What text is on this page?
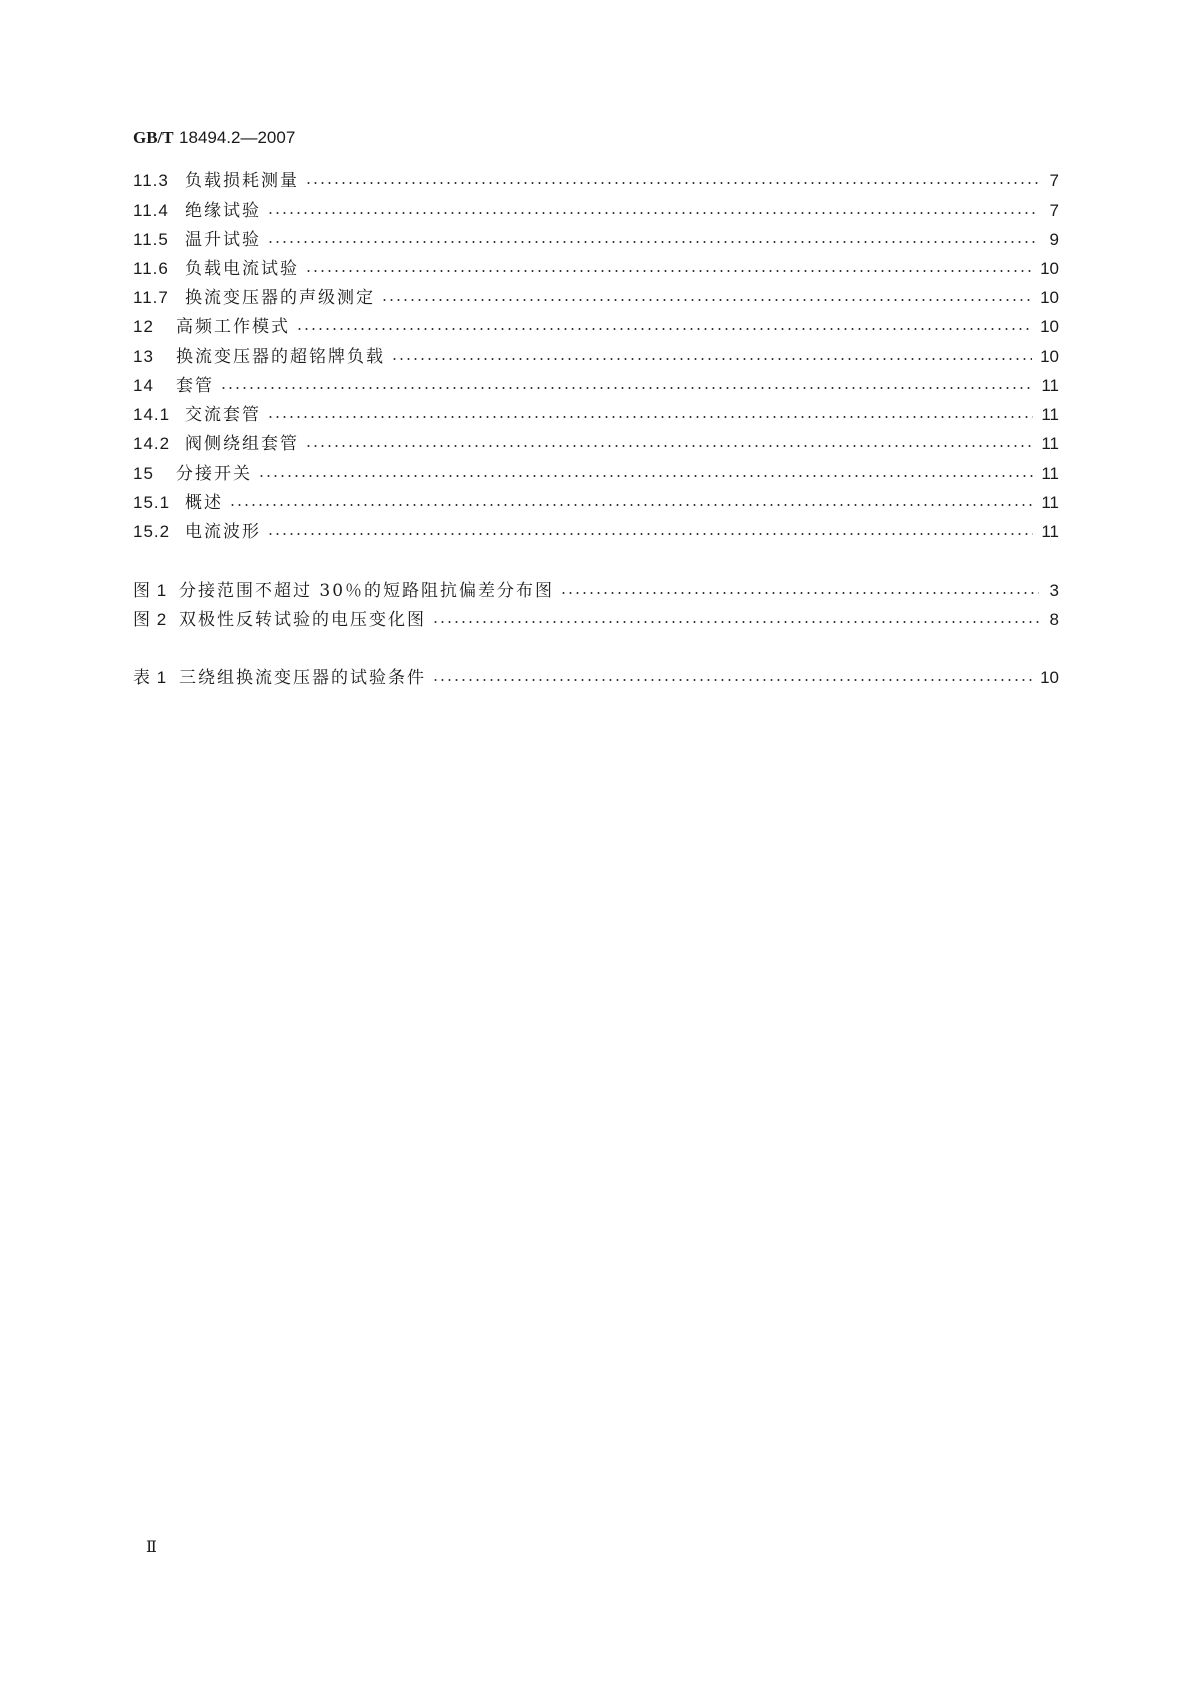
GB/T 18494.2—2007
11.3 负载损耗测量	7
11.4 绝缘试验	7
11.5 温升试验	9
11.6 负载电流试验	10
11.7 换流变压器的声级测定	10
12	高频工作模式	10
13	换流变压器的超铭牌负载	10
14	套管	11
14.1 交流套管	11
14.2 阀侧绕组套管	11
15	分接开关	11
15.1 概述	11
15.2 电流波形	11
图 1 分接范围不超过 30％的短路阻抗偏差分布图	3
图 2 双极性反转试验的电压变化图	8
表 1 三绕组换流变压器的试验条件	10
Ⅱ
